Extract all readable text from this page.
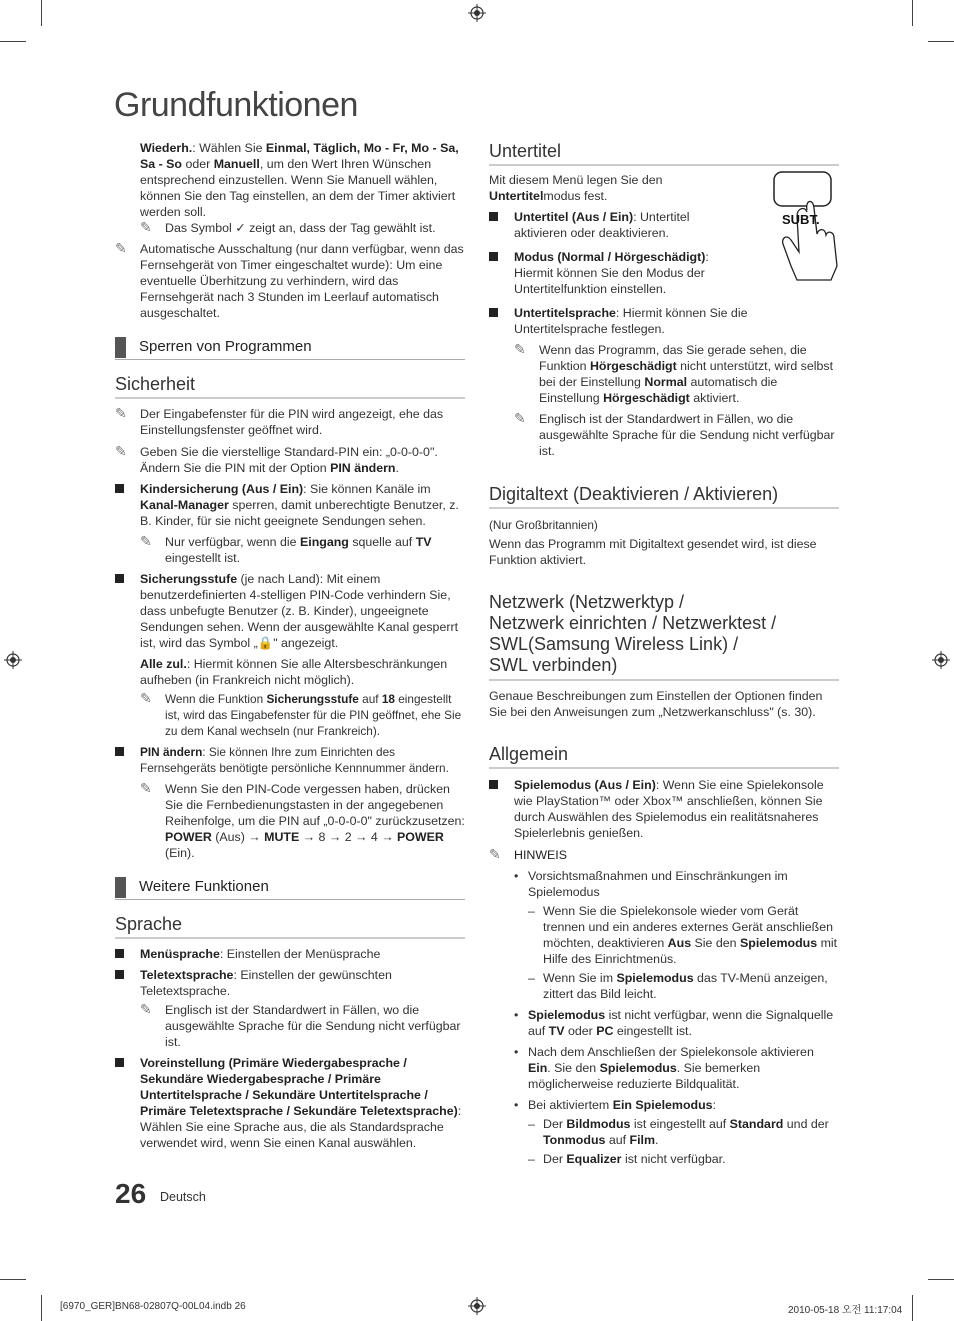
Grundfunktionen

Wiederh.: Wählen Sie Einmal, Täglich, Mo - Fr, Mo - Sa, Sa - So oder Manuell, um den Wert Ihren Wünschen entsprechend einzustellen. Wenn Sie Manuell wählen, können Sie den Tag einstellen, an dem der Timer aktiviert werden soll.

✎ Das Symbol ✓ zeigt an, dass der Tag gewählt ist.

✎ Automatische Ausschaltung (nur dann verfügbar, wenn das Fernsehgerät von Timer eingeschaltet wurde): Um eine eventuelle Überhitzung zu verhindern, wird das Fernsehgerät nach 3 Stunden im Leerlauf automatisch ausgeschaltet.

Sperren von Programmen
Sicherheit

✎ Der Eingabefenster für die PIN wird angezeigt, ehe das Einstellungsfenster geöffnet wird.

✎ Geben Sie die vierstellige Standard-PIN ein: „0-0-0-0". Ändern Sie die PIN mit der Option PIN ändern.

Kindersicherung (Aus / Ein): Sie können Kanäle im Kanal-Manager sperren, damit unberechtigte Benutzer, z. B. Kinder, für sie nicht geeignete Sendungen sehen.

✎ Nur verfügbar, wenn die Eingang squelle auf TV eingestellt ist.

Sicherungsstufe (je nach Land): Mit einem benutzerdefinierten 4-stelligen PIN-Code verhindern Sie, dass unbefugte Benutzer (z. B. Kinder), ungeeignete Sendungen sehen. Wenn der ausgewählte Kanal gesperrt ist, wird das Symbol „🔒" angezeigt.

Alle zul.: Hiermit können Sie alle Altersbeschränkungen aufheben (in Frankreich nicht möglich).

✎ Wenn die Funktion Sicherungsstufe auf 18 eingestellt ist, wird das Eingabefenster für die PIN geöffnet, ehe Sie zu dem Kanal wechseln (nur Frankreich).

PIN ändern: Sie können Ihre zum Einrichten des Fernsehgeräts benötigte persönliche Kennnummer ändern.

✎ Wenn Sie den PIN-Code vergessen haben, drücken Sie die Fernbedienungstasten in der angegebenen Reihenfolge, um die PIN auf „0-0-0-0" zurückzusetzen: POWER (Aus) → MUTE → 8 → 2 → 4 → POWER (Ein).

Weitere Funktionen
Sprache

Menüsprache: Einstellen der Menüsprache

Teletextsprache: Einstellen der gewünschten Teletextsprache.

✎ Englisch ist der Standardwert in Fällen, wo die ausgewählte Sprache für die Sendung nicht verfügbar ist.

Voreinstellung (Primäre Wiedergabesprache / Sekundäre Wiedergabesprache / Primäre Untertitelsprache / Sekundäre Untertitelsprache / Primäre Teletextsprache / Sekundäre Teletextsprache): Wählen Sie eine Sprache aus, die als Standardsprache verwendet wird, wenn Sie einen Kanal auswählen.

Untertitel

Mit diesem Menü legen Sie den Untertitelmodus fest.

SUBT.

Untertitel (Aus / Ein): Untertitel aktivieren oder deaktivieren.

Modus (Normal / Hörgeschädigt): Hiermit können Sie den Modus der Untertitelfunktion einstellen.

Untertitelsprache: Hiermit können Sie die Untertitelsprache festlegen.

✎ Wenn das Programm, das Sie gerade sehen, die Funktion Hörgeschädigt nicht unterstützt, wird selbst bei der Einstellung Normal automatisch die Einstellung Hörgeschädigt aktiviert.

✎ Englisch ist der Standardwert in Fällen, wo die ausgewählte Sprache für die Sendung nicht verfügbar ist.

Digitaltext (Deaktivieren / Aktivieren)

(Nur Großbritannien)

Wenn das Programm mit Digitaltext gesendet wird, ist diese Funktion aktiviert.

Netzwerk (Netzwerktyp /
Netzwerk einrichten / Netzwerktest /
SWL(Samsung Wireless Link) /
SWL verbinden)

Genaue Beschreibungen zum Einstellen der Optionen finden Sie bei den Anweisungen zum „Netzwerkanschluss" (s. 30).

Allgemein

Spielemodus (Aus / Ein): Wenn Sie eine Spielekonsole wie PlayStation™ oder Xbox™ anschließen, können Sie durch Auswählen des Spielemodus ein realitätsnaheres Spielerlebnis genießen.

✎ HINWEIS

• Vorsichtsmaßnahmen und Einschränkungen im Spielemodus

– Wenn Sie die Spielekonsole wieder vom Gerät trennen und ein anderes externes Gerät anschließen möchten, deaktivieren Aus Sie den Spielemodus mit Hilfe des Einrichtmenüs.

– Wenn Sie im Spielemodus das TV-Menü anzeigen, zittert das Bild leicht.

• Spielemodus ist nicht verfügbar, wenn die Signalquelle auf TV oder PC eingestellt ist.

• Nach dem Anschließen der Spielekonsole aktivieren Ein. Sie den Spielemodus. Sie bemerken möglicherweise reduzierte Bildqualität.

• Bei aktiviertem Ein Spielemodus:

– Der Bildmodus ist eingestellt auf Standard und der Tonmodus auf Film.

– Der Equalizer ist nicht verfügbar.

26 Deutsch
[6970_GER]BN68-02807Q-00L04.indb 26	2010-05-18 오전 11:17:04
